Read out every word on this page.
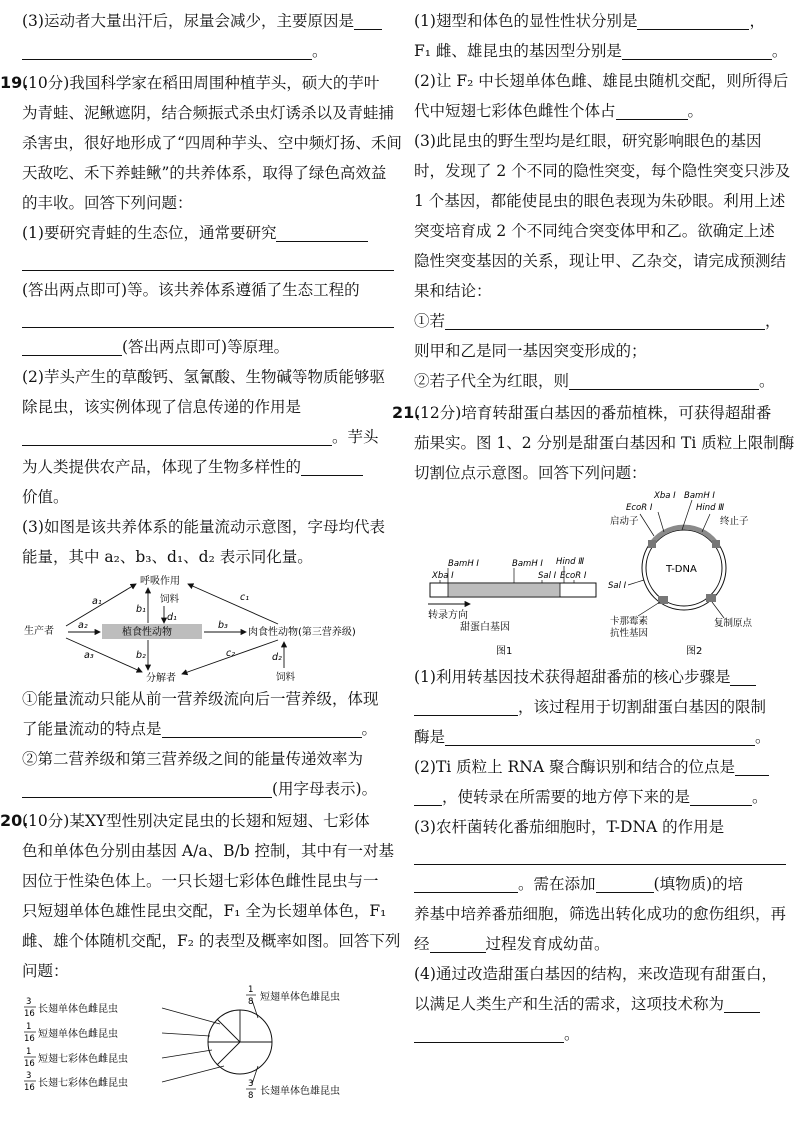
(3)运动者大量出汗后，尿量会减少，主要原因是
。
19.(10分)我国科学家在稻田周围种植芋头，硕大的芋叶
为青蛙、泥鳅遮阴，结合频振式杀虫灯诱杀以及青蛙捕
杀害虫，很好地形成了“四周种芋头、空中频灯扬、禾间
天敌吃、禾下养蛙鳅”的共养体系，取得了绿色高效益
的丰收。回答下列问题：
(1)要研究青蛙的生态位，通常要研究
(答出两点即可)等。该共养体系遵循了生态工程的
(答出两点即可)等原理。
(2)芋头产生的草酸钙、氢氰酸、生物碱等物质能够驱
除昆虫，该实例体现了信息传递的作用是
。芋头
为人类提供农产品，体现了生物多样性的
价值。
(3)如图是该共养体系的能量流动示意图，字母均代表
能量，其中 a₂、b₃、d₁、d₂ 表示同化量。
呼吸作用
生产者	植食性动物	肉食性动物(第三营养级)
分解者
饲料
饲料
a₁
a₂
a₃
b₁
d₁
b₂
b₃
c₁
c₂	d₂
①能量流动只能从前一营养级流向后一营养级，体现
了能量流动的特点是	。
②第二营养级和第三营养级之间的能量传递效率为
(用字母表示)。
20.(10分)某XY型性别决定昆虫的长翅和短翅、七彩体
色和单体色分别由基因 A/a、B/b 控制，其中有一对基
因位于性染色体上。一只长翅七彩体色雌性昆虫与一
只短翅单体色雄性昆虫交配，F₁ 全为长翅单体色，F₁
雌、雄个体随机交配，F₂ 的表型及概率如图。回答下列
问题：
3
16 长翅单体色雌昆虫
1
16 短翅单体色雌昆虫
1
16 短翅七彩体色雌昆虫
3
16 长翅七彩体色雌昆虫
1
8 短翅单体色雄昆虫
3
8 长翅单体色雄昆虫
(1)翅型和体色的显性性状分别是	，
F₁ 雌、雄昆虫的基因型分别是	。
(2)让 F₂ 中长翅单体色雌、雄昆虫随机交配，则所得后
代中短翅七彩体色雌性个体占	。
(3)此昆虫的野生型均是红眼，研究影响眼色的基因
时，发现了 2 个不同的隐性突变，每个隐性突变只涉及
1 个基因，都能使昆虫的眼色表现为朱砂眼。利用上述
突变培育成 2 个不同纯合突变体甲和乙。欲确定上述
隐性突变基因的关系，现让甲、乙杂交，请完成预测结
果和结论：
①若	，
则甲和乙是同一基因突变形成的；
②若子代全为红眼，则	。
21.(12分)培育转甜蛋白基因的番茄植株，可获得超甜番
茄果实。图 1、2 分别是甜蛋白基因和 Ti 质粒上限制酶
切割位点示意图。回答下列问题：
BamH Ⅰ	BamH Ⅰ Hind Ⅲ
Xba Ⅰ	Sal Ⅰ EcoR Ⅰ
转录方向
甜蛋白基因
图1
Xba Ⅰ BamH Ⅰ
EcoR Ⅰ	Hind Ⅲ
启动子	终止子
T-DNA
Sal Ⅰ
卡那霉素
抗性基因
复制原点
图2
(1)利用转基因技术获得超甜番茄的核心步骤是
，该过程用于切割甜蛋白基因的限制
酶是	。
(2)Ti 质粒上 RNA 聚合酶识别和结合的位点是
，使转录在所需要的地方停下来的是	。
(3)农杆菌转化番茄细胞时，T-DNA 的作用是
。需在添加	(填物质)的培
养基中培养番茄细胞，筛选出转化成功的愈伤组织，再
经	过程发育成幼苗。
(4)通过改造甜蛋白基因的结构，来改造现有甜蛋白，
以满足人类生产和生活的需求，这项技术称为
。
